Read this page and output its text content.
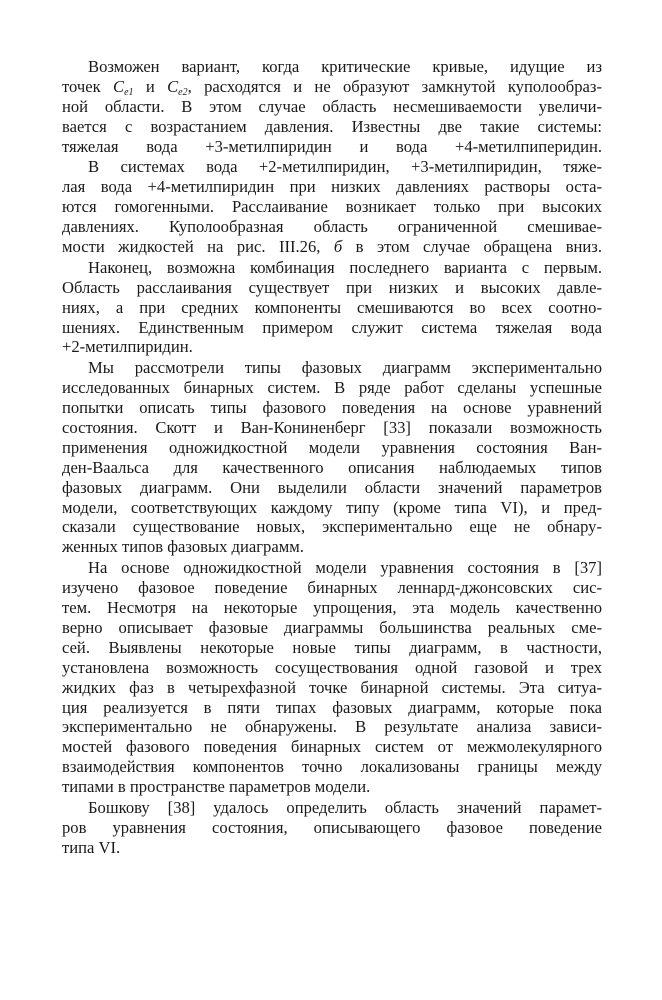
Возможен вариант, когда критические кривые, идущие из
точек $C_{e1}$ и $C_{e2}$, расходятся и не образуют замкнутой куполообраз-
ной области. В этом случае область несмешиваемости увеличи-
вается с возрастанием давления. Известны две такие системы:
тяжелая вода +3-метилпиридин и вода +4-метилпиперидин.
В системах вода +2-метилпиридин, +3-метилпиридин, тяже-
лая вода +4-метилпиридин при низких давлениях растворы оста-
ются гомогенными. Расслаивание возникает только при высоких
давлениях. Куполообразная область ограниченной смешивае-
мости жидкостей на рис. III.26, б в этом случае обращена вниз.
Наконец, возможна комбинация последнего варианта с первым.
Область расслаивания существует при низких и высоких давле-
ниях, а при средних компоненты смешиваются во всех соотно-
шениях. Единственным примером служит система тяжелая вода
+2-метилпиридин.
Мы рассмотрели типы фазовых диаграмм экспериментально
исследованных бинарных систем. В ряде работ сделаны успешные
попытки описать типы фазового поведения на основе уравнений
состояния. Скотт и Ван-Кониненберг [33] показали возможность
применения одножидкостной модели уравнения состояния Ван-
ден-Ваальса для качественного описания наблюдаемых типов
фазовых диаграмм. Они выделили области значений параметров
модели, соответствующих каждому типу (кроме типа VI), и пред-
сказали существование новых, экспериментально еще не обнару-
женных типов фазовых диаграмм.
На основе одножидкостной модели уравнения состояния в [37]
изучено фазовое поведение бинарных леннард-джонсовских сис-
тем. Несмотря на некоторые упрощения, эта модель качественно
верно описывает фазовые диаграммы большинства реальных сме-
сей. Выявлены некоторые новые типы диаграмм, в частности,
установлена возможность сосуществования одной газовой и трех
жидких фаз в четырехфазной точке бинарной системы. Эта ситуа-
ция реализуется в пяти типах фазовых диаграмм, которые пока
экспериментально не обнаружены. В результате анализа зависи-
мостей фазового поведения бинарных систем от межмолекулярного
взаимодействия компонентов точно локализованы границы между
типами в пространстве параметров модели.
Бошкову [38] удалось определить область значений парамет-
ров уравнения состояния, описывающего фазовое поведение
типа VI.
